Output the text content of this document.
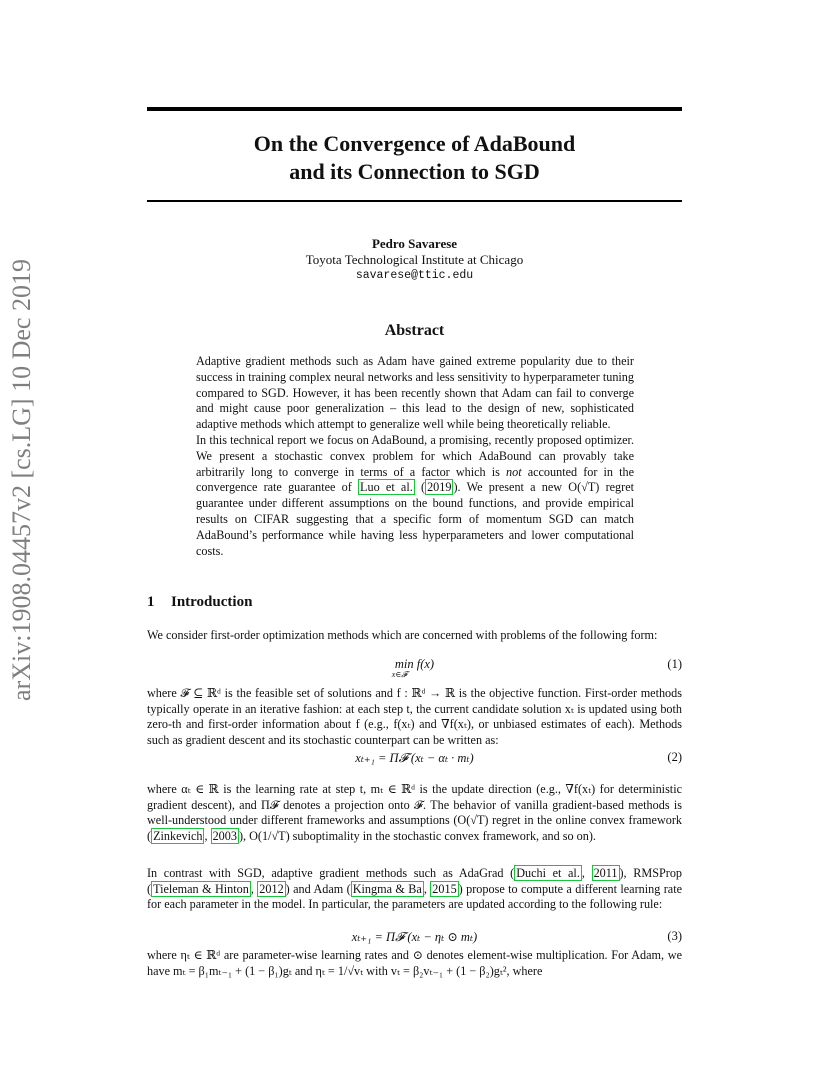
arXiv:1908.04457v2 [cs.LG] 10 Dec 2019
On the Convergence of AdaBound
and its Connection to SGD
Pedro Savarese
Toyota Technological Institute at Chicago
savarese@ttic.edu
Abstract

Adaptive gradient methods such as Adam have gained extreme popularity due to their success in training complex neural networks and less sensitivity to hyperparameter tuning compared to SGD. However, it has been recently shown that Adam can fail to converge and might cause poor generalization – this lead to the design of new, sophisticated adaptive methods which attempt to generalize well while being theoretically reliable.

In this technical report we focus on AdaBound, a promising, recently proposed optimizer. We present a stochastic convex problem for which AdaBound can provably take arbitrarily long to converge in terms of a factor which is not accounted for in the convergence rate guarantee of Luo et al. ( 2019 ). We present a new O(√T) regret guarantee under different assumptions on the bound functions, and provide empirical results on CIFAR suggesting that a specific form of momentum SGD can match AdaBound’s performance while having less hyperparameters and lower computational costs.

1 Introduction

We consider first-order optimization methods which are concerned with problems of the following form:

min f(x)
x∈𝓕
(1)

where 𝓕 ⊆ ℝᵈ is the feasible set of solutions and f : ℝᵈ → ℝ is the objective function. First-order methods typically operate in an iterative fashion: at each step t, the current candidate solution xₜ is updated using both zero-th and first-order information about f (e.g., f(xₜ) and ∇f(xₜ), or unbiased estimates of each). Methods such as gradient descent and its stochastic counterpart can be written as:

xₜ₊₁ = Π𝓕 (xₜ − αₜ · mₜ)	(2)

where αₜ ∈ ℝ is the learning rate at step t, mₜ ∈ ℝᵈ is the update direction (e.g., ∇f(xₜ) for deterministic gradient descent), and Π𝓕 denotes a projection onto 𝓕. The behavior of vanilla gradient-based methods is well-understood under different frameworks and assumptions (O(√T) regret in the online convex framework ( Zinkevich , 2003 ), O(1/√T) suboptimality in the stochastic convex framework, and so on).

In contrast with SGD, adaptive gradient methods such as AdaGrad ( Duchi et al. , 2011 ), RMSProp ( Tieleman & Hinton , 2012 ) and Adam ( Kingma & Ba , 2015 ) propose to compute a different learning rate for each parameter in the model. In particular, the parameters are updated according to the following rule:

xₜ₊₁ = Π𝓕 (xₜ − ηₜ ⊙ mₜ)	(3)

where ηₜ ∈ ℝᵈ are parameter-wise learning rates and ⊙ denotes element-wise multiplication. For Adam, we have mₜ = β₁mₜ₋₁ + (1 − β₁)gₜ and ηₜ = 1/√vₜ with vₜ = β₂vₜ₋₁ + (1 − β₂)gₜ², where
